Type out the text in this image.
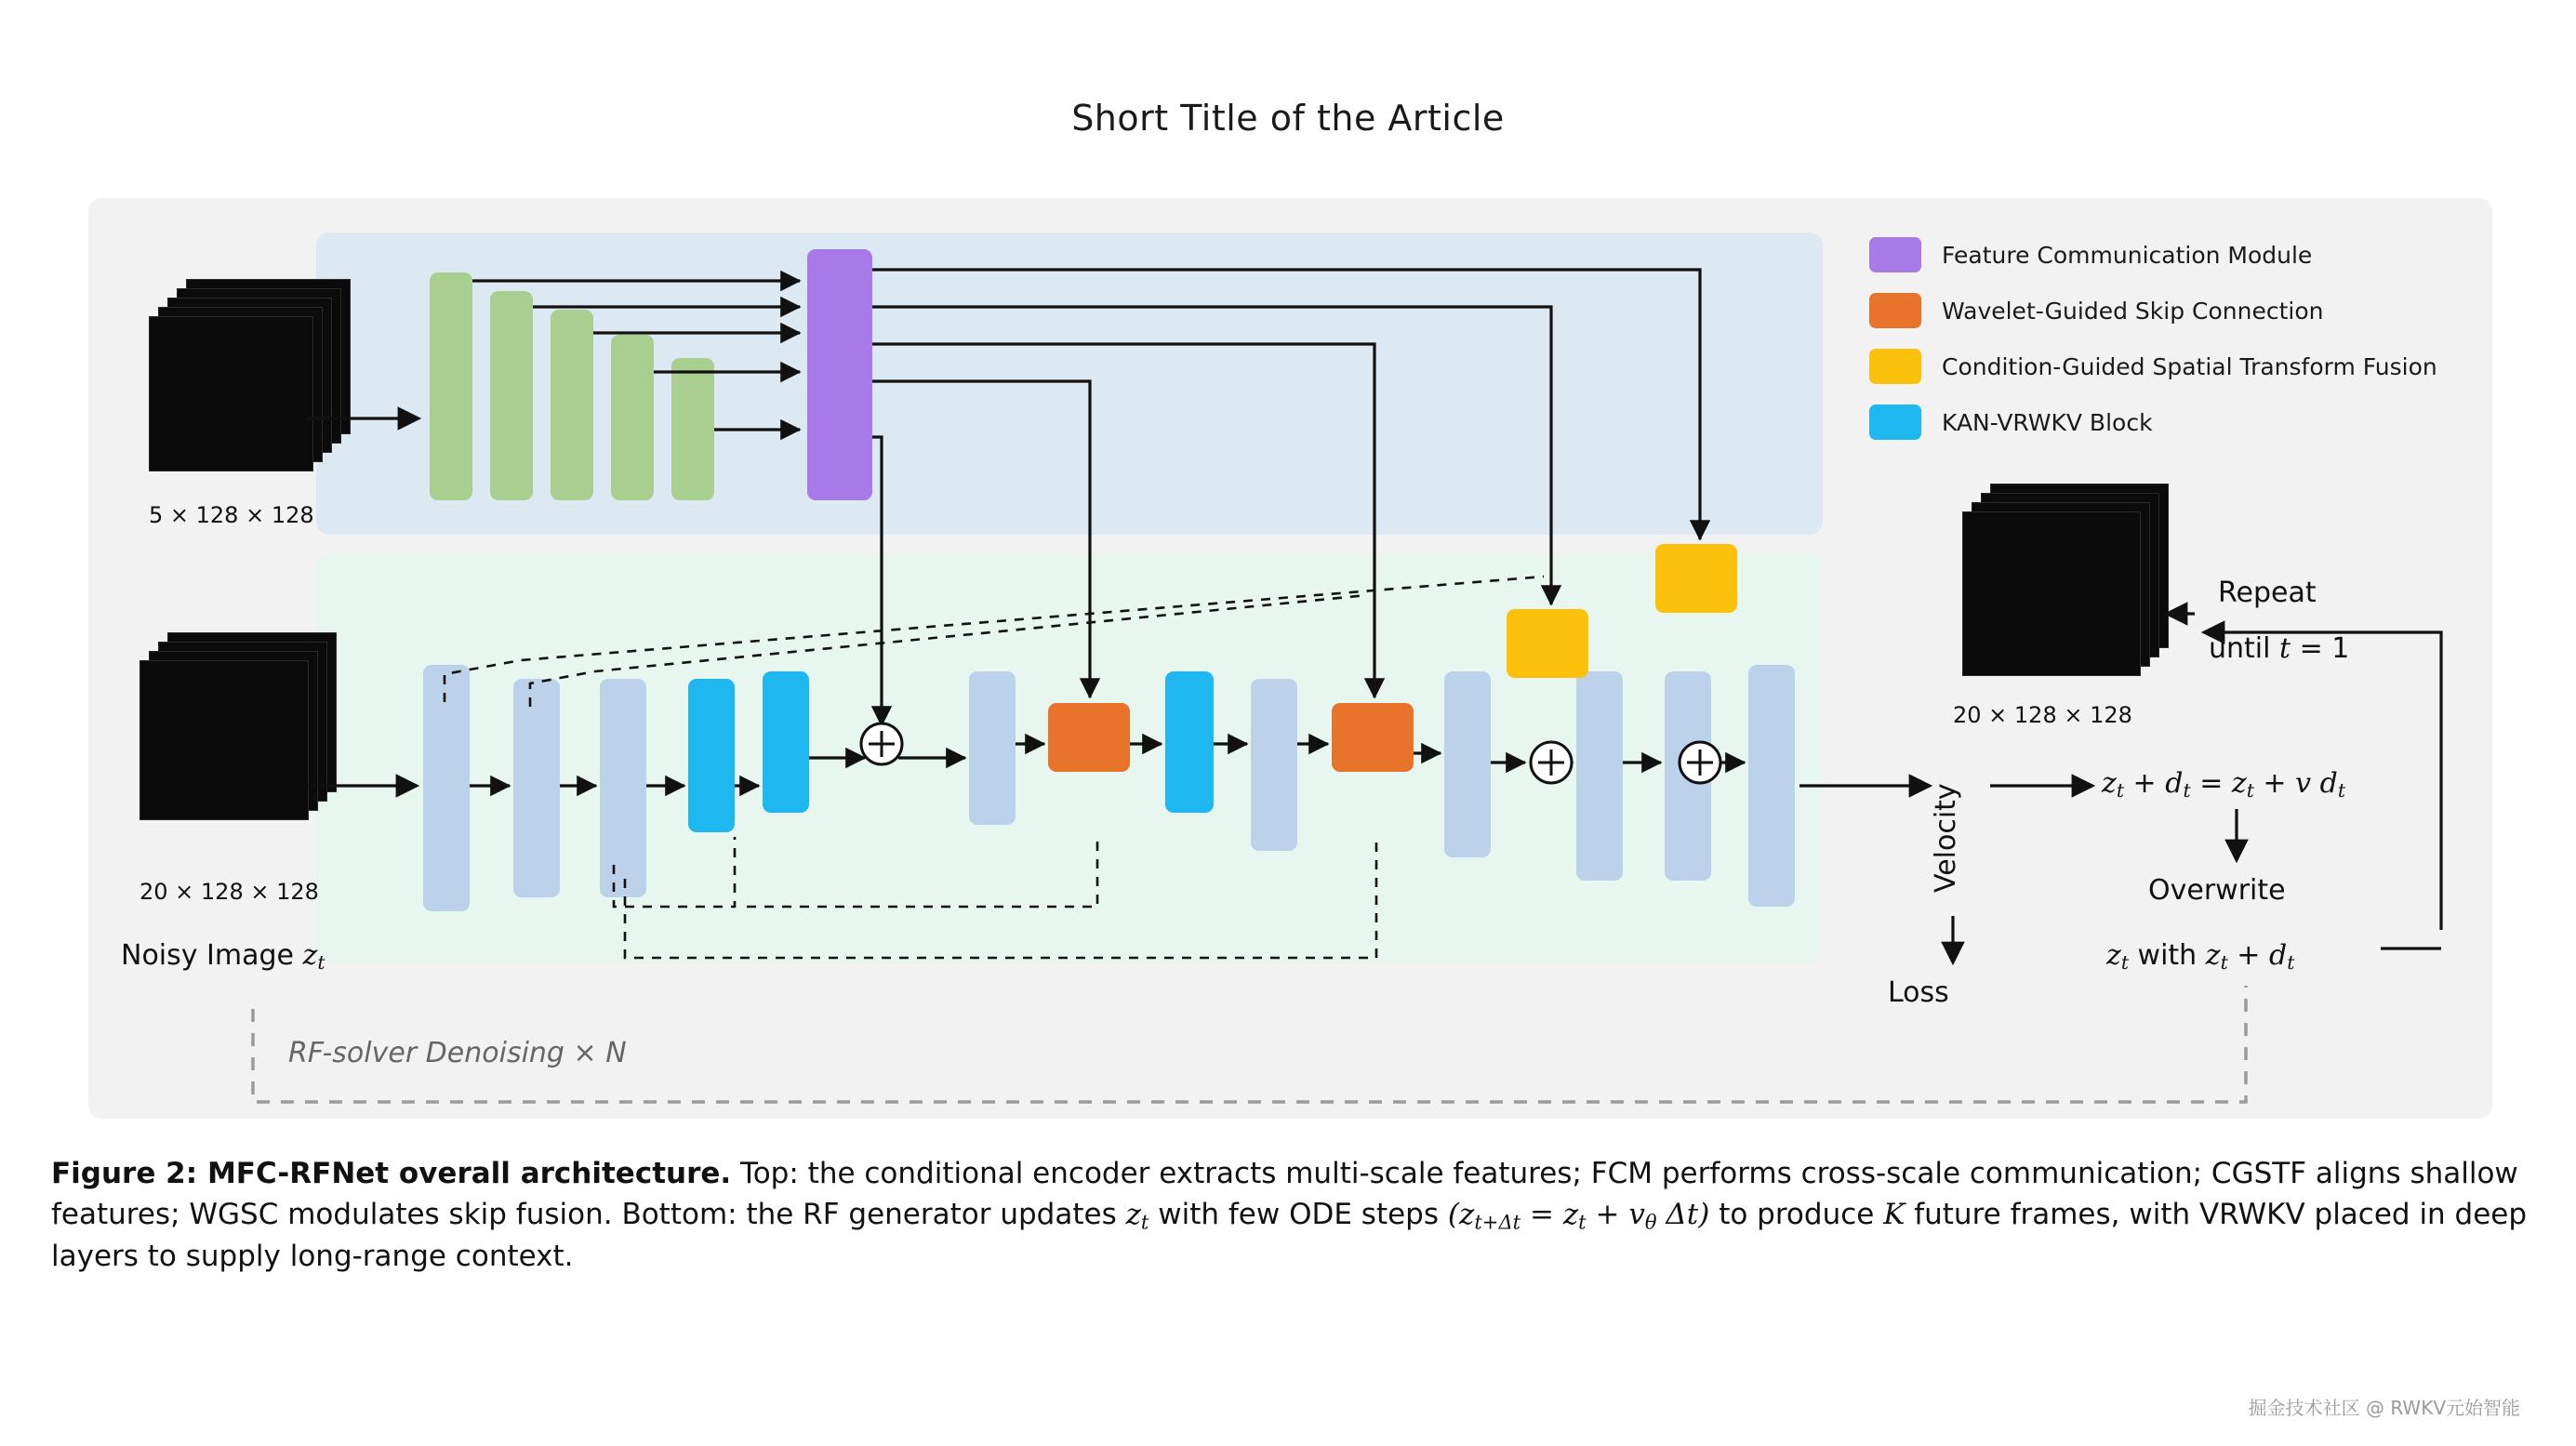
Short Title of the Article
Feature Communication Module
Wavelet-Guided Skip Connection
Condition-Guided Spatial Transform Fusion
KAN-VRWKV Block
5 × 128 × 128
20 × 128 × 128
Noisy Image $z_t$
20 × 128 × 128
Repeat
until t = 1
$z_t + d_t = z_t + v$ $d_t$
Overwrite
$z_t$ with $z_t + d_t$
Velocity
Loss
RF-solver Denoising × N
Figure 2: MFC-RFNet overall architecture. Top: the conditional encoder extracts multi-scale features; FCM performs cross-scale communication; CGSTF aligns shallow features; WGSC modulates skip fusion. Bottom: the RF generator updates $z_t$ with few ODE steps ($z_{t+\Delta t} = z_t + v_\theta$ Δt) to produce K future frames, with VRWKV placed in deep layers to supply long-range context.
掘金技术社区 @ RWKV元始智能
